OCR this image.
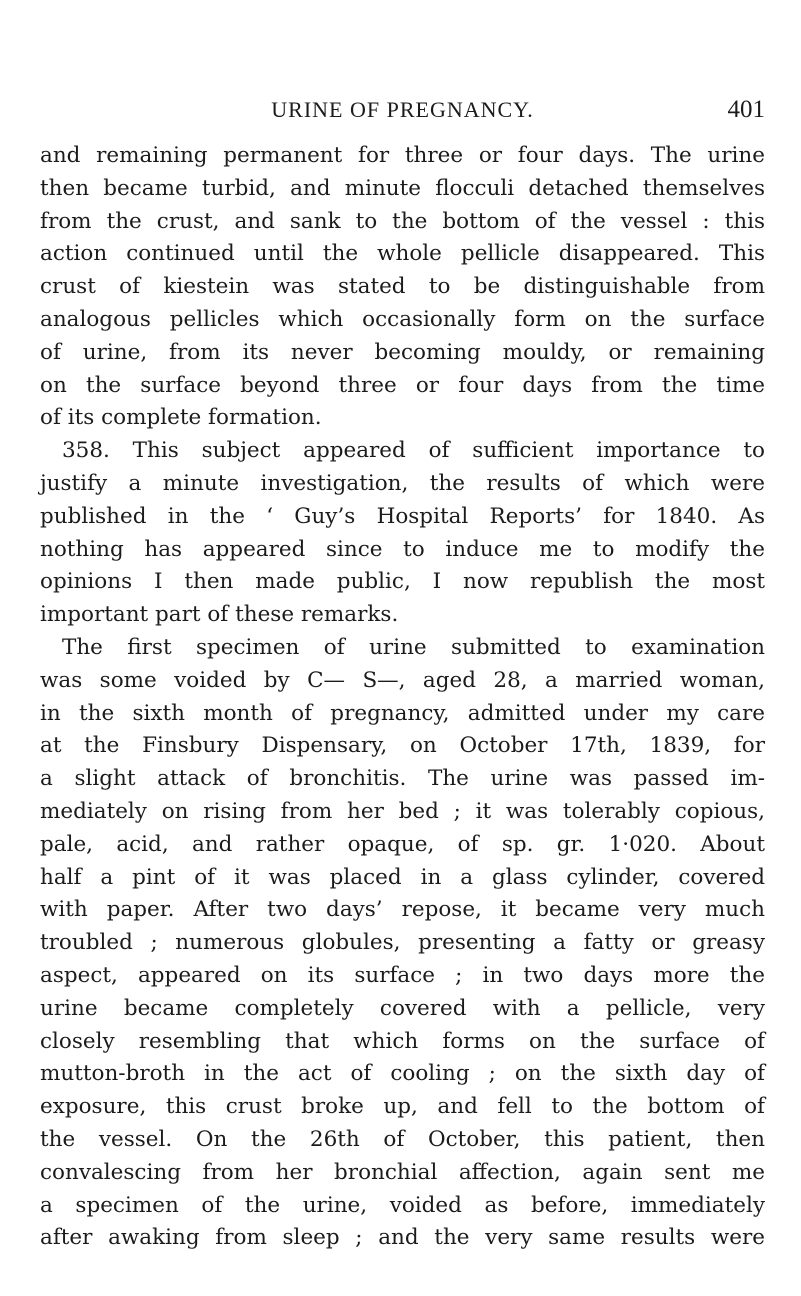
URINE OF PREGNANCY.	401
and remaining permanent for three or four days. The urine
then became turbid, and minute flocculi detached themselves
from the crust, and sank to the bottom of the vessel : this
action continued until the whole pellicle disappeared. This
crust of kiestein was stated to be distinguishable from
analogous pellicles which occasionally form on the surface
of urine, from its never becoming mouldy, or remaining
on the surface beyond three or four days from the time
of its complete formation.
358. This subject appeared of sufficient importance to
justify a minute investigation, the results of which were
published in the ‘ Guy’s Hospital Reports’ for 1840. As
nothing has appeared since to induce me to modify the
opinions I then made public, I now republish the most
important part of these remarks.
The first specimen of urine submitted to examination
was some voided by C— S—, aged 28, a married woman,
in the sixth month of pregnancy, admitted under my care
at the Finsbury Dispensary, on October 17th, 1839, for
a slight attack of bronchitis. The urine was passed im-
mediately on rising from her bed ; it was tolerably copious,
pale, acid, and rather opaque, of sp. gr. 1·020. About
half a pint of it was placed in a glass cylinder, covered
with paper. After two days’ repose, it became very much
troubled ; numerous globules, presenting a fatty or greasy
aspect, appeared on its surface ; in two days more the
urine became completely covered with a pellicle, very
closely resembling that which forms on the surface of
mutton-broth in the act of cooling ; on the sixth day of
exposure, this crust broke up, and fell to the bottom of
the vessel. On the 26th of October, this patient, then
convalescing from her bronchial affection, again sent me
a specimen of the urine, voided as before, immediately
after awaking from sleep ; and the very same results were
